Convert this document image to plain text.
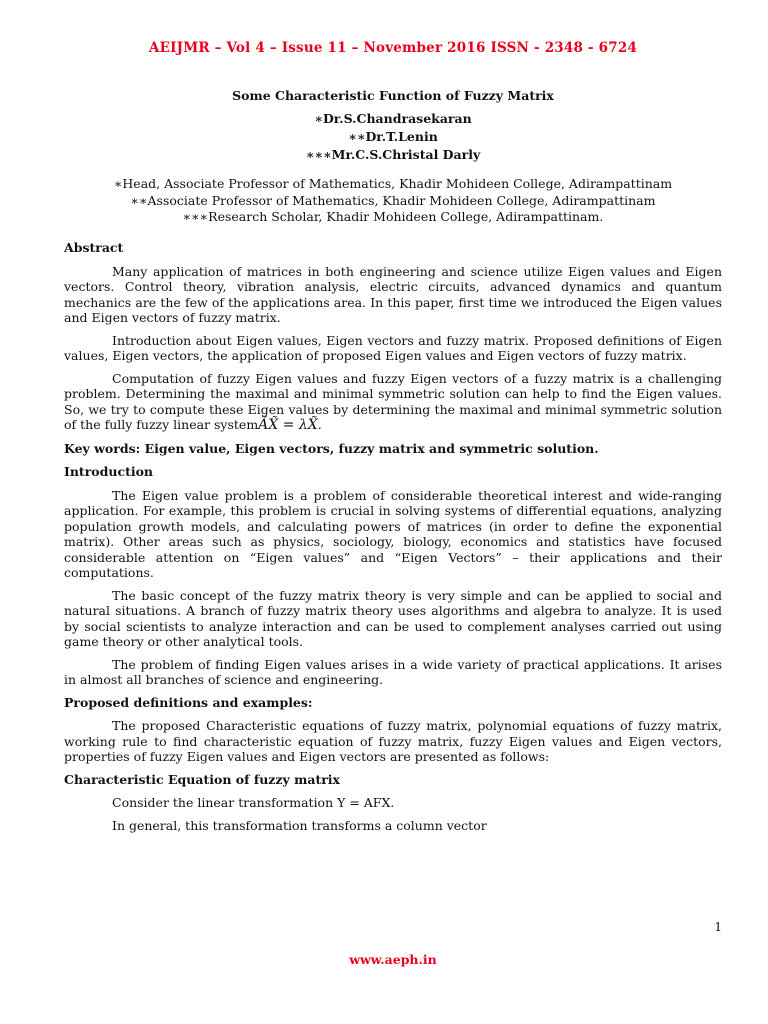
AEIJMR – Vol 4 – Issue 11 – November 2016 ISSN - 2348 - 6724
Some Characteristic Function of Fuzzy Matrix
∗Dr.S.Chandrasekaran
∗∗Dr.T.Lenin
∗∗∗Mr.C.S.Christal Darly
∗Head, Associate Professor of Mathematics, Khadir Mohideen College, Adirampattinam
∗∗Associate Professor of Mathematics, Khadir Mohideen College, Adirampattinam
∗∗∗Research Scholar, Khadir Mohideen College, Adirampattinam.
Abstract

Many application of matrices in both engineering and science utilize Eigen values and Eigen vectors. Control theory, vibration analysis, electric circuits, advanced dynamics and quantum mechanics are the few of the applications area. In this paper, first time we introduced the Eigen values and Eigen vectors of fuzzy matrix.

Introduction about Eigen values, Eigen vectors and fuzzy matrix. Proposed definitions of Eigen values, Eigen vectors, the application of proposed Eigen values and Eigen vectors of fuzzy matrix.

Computation of fuzzy Eigen values and fuzzy Eigen vectors of a fuzzy matrix is a challenging problem. Determining the maximal and minimal symmetric solution can help to find the Eigen values. So, we try to compute these Eigen values by determining the maximal and minimal symmetric solution of the fully fuzzy linear systemÃX̃ = λX̃.

Key words: Eigen value, Eigen vectors, fuzzy matrix and symmetric solution.
Introduction

The Eigen value problem is a problem of considerable theoretical interest and wide-ranging application. For example, this problem is crucial in solving systems of differential equations, analyzing population growth models, and calculating powers of matrices (in order to define the exponential matrix). Other areas such as physics, sociology, biology, economics and statistics have focused considerable attention on “Eigen values” and “Eigen Vectors” – their applications and their computations.

The basic concept of the fuzzy matrix theory is very simple and can be applied to social and natural situations. A branch of fuzzy matrix theory uses algorithms and algebra to analyze. It is used by social scientists to analyze interaction and can be used to complement analyses carried out using game theory or other analytical tools.

The problem of finding Eigen values arises in a wide variety of practical applications. It arises in almost all branches of science and engineering.

Proposed definitions and examples:

The proposed Characteristic equations of fuzzy matrix, polynomial equations of fuzzy matrix, working rule to find characteristic equation of fuzzy matrix, fuzzy Eigen values and Eigen vectors, properties of fuzzy Eigen values and Eigen vectors are presented as follows:

Characteristic Equation of fuzzy matrix

Consider the linear transformation Y = AFX.

In general, this transformation transforms a column vector

1
www.aeph.in
